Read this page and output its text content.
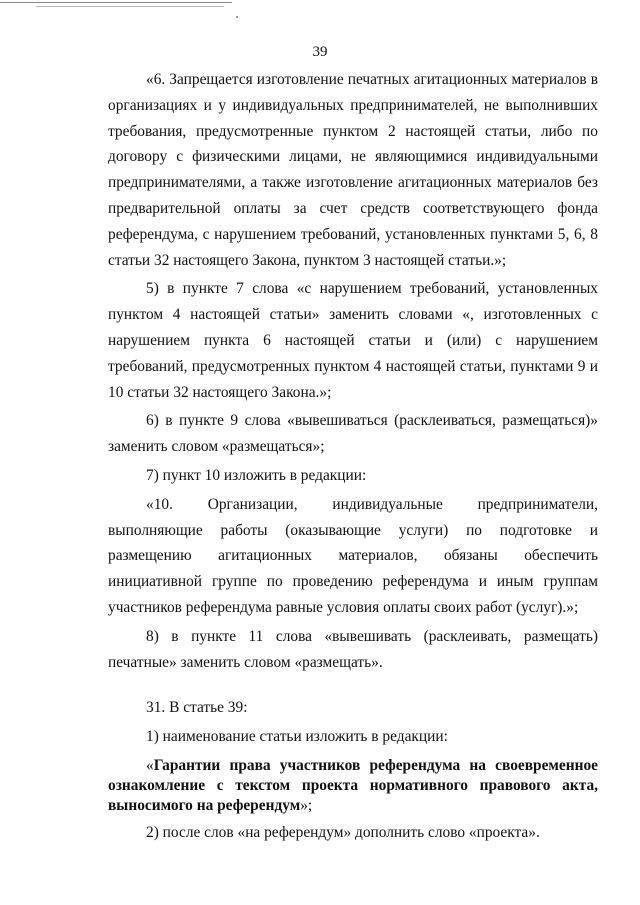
39

«6. Запрещается изготовление печатных агитационных материалов в организациях и у индивидуальных предпринимателей, не выполнивших требования, предусмотренные пунктом 2 настоящей статьи, либо по договору с физическими лицами, не являющимися индивидуальными предпринимателями, а также изготовление агитационных материалов без предварительной оплаты за счет средств соответствующего фонда референдума, с нарушением требований, установленных пунктами 5, 6, 8 статьи 32 настоящего Закона, пунктом 3 настоящей статьи.»;

5) в пункте 7 слова «с нарушением требований, установленных пунктом 4 настоящей статьи» заменить словами «, изготовленных с нарушением пункта 6 настоящей статьи и (или) с нарушением требований, предусмотренных пунктом 4 настоящей статьи, пунктами 9 и 10 статьи 32 настоящего Закона.»;

6) в пункте 9 слова «вывешиваться (расклеиваться, размещаться)» заменить словом «размещаться»;

7) пункт 10 изложить в редакции:

«10. Организации, индивидуальные предприниматели, выполняющие работы (оказывающие услуги) по подготовке и размещению агитационных материалов, обязаны обеспечить инициативной группе по проведению референдума и иным группам участников референдума равные условия оплаты своих работ (услуг).»;

8) в пункте 11 слова «вывешивать (расклеивать, размещать) печатные» заменить словом «размещать».

31. В статье 39:

1) наименование статьи изложить в редакции:

«Гарантии права участников референдума на своевременное ознакомление с текстом проекта нормативного правового акта, выносимого на референдум»;

2) после слов «на референдум» дополнить слово «проекта».
